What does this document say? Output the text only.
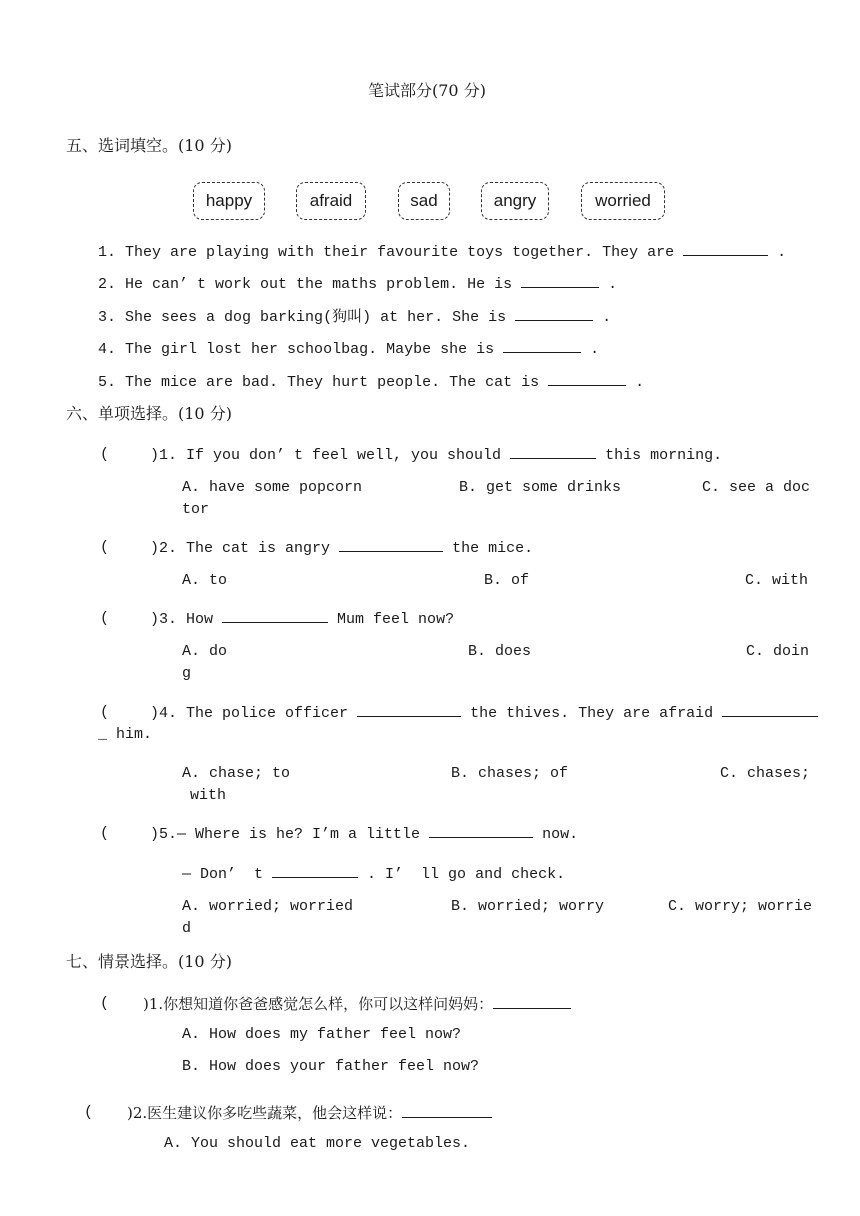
笔试部分(70 分)
五、选词填空。(10 分)
happy	afraid	sad	angry	worried
1. They are playing with their favourite toys together. They are	.
2. He can’ t work out the maths problem. He is	.
3. She sees a dog barking(狗叫) at her. She is	.
4. The girl lost her schoolbag. Maybe she is	.
5. The mice are bad. They hurt people. The cat is	.
六、单项选择。(10 分)
(	)1. If you don’ t feel well, you should	this morning.
A. have some popcorn	B. get some drinks	C. see a doc
tor
(	)2. The cat is angry	the mice.
A. to	B. of	C. with
(	)3. How	Mum feel now?
A. do	B. does	C. doin
g
(	)4. The police officer	the thives. They are afraid
_ him.
A. chase; to	B. chases; of	C. chases;
with
(	)5.— Where is he? I’m a little	now.
— Don’  t	. I’  ll go and check.
A. worried; worried	B. worried; worry	C. worry; worrie
d
七、情景选择。(10 分)
( )1.你想知道你爸爸感觉怎么样，你可以这样问妈妈：
A. How does my father feel now?
B. How does your father feel now?
( )2.医生建议你多吃些蔬菜，他会这样说：
A. You should eat more vegetables.
